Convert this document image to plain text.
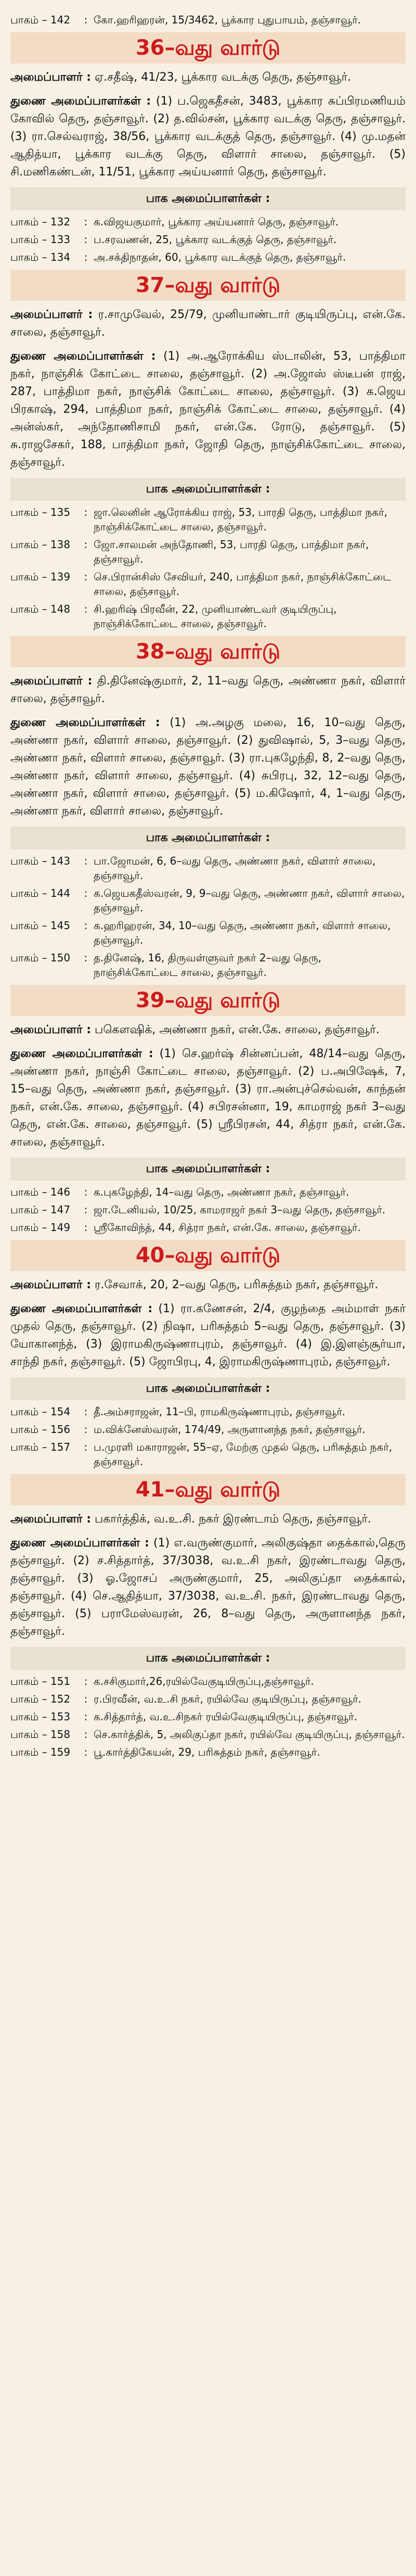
பாகம் – 142	: கோ.ஹரிஹரன், 15/3462, பூக்கார புதுபாயம், தஞ்சாவூர்.
36–வது வார்டு

அமைப்பாளர் : ஏ.சதீஷ், 41/23, பூக்கார வடக்கு தெரு, தஞ்சாவூர்.

துணை அமைப்பாளர்கள் : (1) ப.ஜெகதீசன், 3483, பூக்கார சுப்பிரமணியம் கோவில் தெரு, தஞ்சாவூர். (2) த.வில்சன், பூக்கார வடக்கு தெரு, தஞ்சாவூர். (3) ரா.செல்வராஜ், 38/56, பூக்கார வடக்குத் தெரு, தஞ்சாவூர். (4) மு.மதன் ஆதித்யா, பூக்கார வடக்கு தெரு, விளார் சாலை, தஞ்சாவூர். (5) சி.மணிகண்டன், 11/51, பூக்கார அய்யனார் தெரு, தஞ்சாவூர்.

பாக அமைப்பாளர்கள் :
பாகம் – 132	: க.விஜயகுமார், பூக்கார அய்யனார் தெரு, தஞ்சாவூர்.
பாகம் – 133	: ப.சரவணன், 25, பூக்கார வடக்குத் தெரு, தஞ்சாவூர்.
பாகம் – 134	: அ.சக்திநாதன், 60, பூக்கார வடக்குத் தெரு, தஞ்சாவூர்.
37–வது வார்டு

அமைப்பாளர் : ர.சாமுவேல், 25/79, முனியாண்டார் குடியிருப்பு, என்.கே. சாலை, தஞ்சாவூர்.

துணை அமைப்பாளர்கள் : (1) அ.ஆரோக்கிய ஸ்டாலின், 53, பாத்திமா நகர், நாஞ்சிக் கோட்டை சாலை, தஞ்சாவூர். (2) அ.ஜோஸ் ஸ்டீபன் ராஜ், 287, பாத்திமா நகர், நாஞ்சிக் கோட்டை சாலை, தஞ்சாவூர். (3) க.ஜெய பிரகாஷ், 294, பாத்திமா நகர், நாஞ்சிக் கோட்டை சாலை, தஞ்சாவூர். (4) அன்ஸ்கர், அந்தோணிசாமி நகர், என்.கே. ரோடு, தஞ்சாவூர். (5) சு.ராஜசேகர், 188, பாத்திமா நகர், ஜோதி தெரு, நாஞ்சிக்கோட்டை சாலை, தஞ்சாவூர்.

பாக அமைப்பாளர்கள் :
பாகம் – 135	: ஜா.லெனின் ஆரோக்கிய ராஜ், 53, பாரதி தெரு, பாத்திமா நகர், நாஞ்சிக்கோட்டை சாலை, தஞ்சாவூர்.
பாகம் – 138	: ஜோ.சாலமன் அந்தோணி, 53, பாரதி தெரு, பாத்திமா நகர், தஞ்சாவூர்.
பாகம் – 139	: செ.பிரான்சிஸ் சேவியர், 240, பாத்திமா நகர், நாஞ்சிக்கோட்டை சாலை, தஞ்சாவூர்.
பாகம் – 148	: சி.ஹரிஷ் பிரவீன், 22, முனியாண்டவர் குடியிருப்பு, நாஞ்சிக்கோட்டை சாலை, தஞ்சாவூர்.
38–வது வார்டு

அமைப்பாளர் : தி.தினேஷ்குமார், 2, 11–வது தெரு, அண்ணா நகர், விளார் சாலை, தஞ்சாவூர்.

துணை அமைப்பாளர்கள் : (1) அ.அழகு மலை, 16, 10–வது தெரு, அண்ணா நகர், விளார் சாலை, தஞ்சாவூர். (2) துவிஷால், 5, 3–வது தெரு, அண்ணா நகர், விளார் சாலை, தஞ்சாவூர். (3) ரா.புகழேந்தி, 8, 2–வது தெரு, அண்ணா நகர், விளார் சாலை, தஞ்சாவூர். (4) சுபிரபு, 32, 12–வது தெரு, அண்ணா நகர், விளார் சாலை, தஞ்சாவூர். (5) ம.கிஷோர், 4, 1–வது தெரு, அண்ணா நகர், விளார் சாலை, தஞ்சாவூர்.

பாக அமைப்பாளர்கள் :
பாகம் – 143	: பா.ஜோமன், 6, 6–வது தெரு, அண்ணா நகர், விளார் சாலை, தஞ்சாவூர்.
பாகம் – 144	: க.ஜெயகதீஸ்வரன், 9, 9–வது தெரு, அண்ணா நகர், விளார் சாலை, தஞ்சாவூர்.
பாகம் – 145	: க.ஹரிஹரன், 34, 10–வது தெரு, அண்ணா நகர், விளார் சாலை, தஞ்சாவூர்.
பாகம் – 150	: த.தினேஷ், 16, திருவள்ளுவர் நகர் 2–வது தெரு, நாஞ்சிக்கோட்டை சாலை, தஞ்சாவூர்.
39–வது வார்டு

அமைப்பாளர் : பகௌஷிக், அண்ணா நகர், என்.கே. சாலை, தஞ்சாவூர்.

துணை அமைப்பாளர்கள் : (1) செ.ஹர்ஷ் சின்னப்பன், 48/14–வது தெரு, அண்ணா நகர், நாஞ்சி கோட்டை சாலை, தஞ்சாவூர். (2) ப.அபிஷேக், 7, 15–வது தெரு, அண்ணா நகர், தஞ்சாவூர். (3) ரா.அன்புச்செல்வன், காந்தன் நகர், என்.கே. சாலை, தஞ்சாவூர். (4) சபிரசன்னா, 19, காமராஜ் நகர் 3–வது தெரு, என்.கே. சாலை, தஞ்சாவூர். (5) ஸ்ரீபிரசன், 44, சித்ரா நகர், என்.கே. சாலை, தஞ்சாவூர்.

பாக அமைப்பாளர்கள் :
பாகம் – 146	: க.புகழேந்தி, 14–வது தெரு, அண்ணா நகர், தஞ்சாவூர்.
பாகம் – 147	: ஜா.டேனியல், 10/25, காமராஜர் நகர் 3–வது தெரு, தஞ்சாவூர்.
பாகம் – 149	: ஸ்ரீகோவிந்த், 44, சித்ரா நகர், என்.கே. சாலை, தஞ்சாவூர்.
40–வது வார்டு

அமைப்பாளர் : ர.சேவாக், 20, 2–வது தெரு, பரிசுத்தம் நகர், தஞ்சாவூர்.

துணை அமைப்பாளர்கள் : (1) ரா.கணேசன், 2/4, குழந்தை அம்மாள் நகர் முதல் தெரு, தஞ்சாவூர். (2) நிஷா, பரிசுத்தம் 5–வது தெரு, தஞ்சாவூர். (3) யோகானந்த், (3) இராமகிருஷ்ணாபுரம், தஞ்சாவூர். (4) இ.இளஞ்சூர்யா, சாந்தி நகர், தஞ்சாவூர். (5) ஜோபிரபு, 4, இராமகிருஷ்ணாபுரம், தஞ்சாவூர்.

பாக அமைப்பாளர்கள் :
பாகம் – 154	: தீ.அம்சராஜன், 11–பி, ராமகிருஷ்ணாபுரம், தஞ்சாவூர்.
பாகம் – 156	: ம.விக்னேஸ்வரன், 174/49, அருளானந்த நகர், தஞ்சாவூர்.
பாகம் – 157	: ப.முரளி மகாராஜன், 55–ஏ, மேற்கு முதல் தெரு, பரிசுத்தம் நகர், தஞ்சாவூர்.
41–வது வார்டு

அமைப்பாளர் : பகார்த்திக், வ.உ.சி. நகர் இரண்டாம் தெரு, தஞ்சாவூர்.

துணை அமைப்பாளர்கள் : (1) எ.வருண்குமார், அலிகுஷ்தா தைக்கால்,தெரு தஞ்சாவூர். (2) ச.சித்தார்த், 37/3038, வ.உ.சி நகர், இரண்டாவது தெரு, தஞ்சாவூர். (3) ஓ.ஜோசப் அருண்குமார், 25, அலிகுப்தா தைக்கால், தஞ்சாவூர். (4) செ.ஆதித்யா, 37/3038, வ.உ.சி. நகர், இரண்டாவது தெரு, தஞ்சாவூர். (5) பராமேஸ்வரன், 26, 8–வது தெரு, அருளானந்த நகர், தஞ்சாவூர்.

பாக அமைப்பாளர்கள் :
பாகம் – 151	: க.சசிகுமார்,26,ரயில்வேகுடியிருப்பு,தஞ்சாவூர்.
பாகம் – 152	: ர.பிரவீன், வ.உ.சி நகர், ரயில்வே குடியிருப்பு, தஞ்சாவூர்.
பாகம் – 153	: க.சித்தார்த், வ.உ.சிநகர் ரயில்வேகுடியிருப்பு, தஞ்சாவூர்.
பாகம் – 158	: செ.கார்த்திக், 5, அலிகுப்தா நகர், ரயில்வே குடியிருப்பு, தஞ்சாவூர்.
பாகம் – 159	: பூ.கார்த்திகேயன், 29, பரிசுத்தம் நகர், தஞ்சாவூர்.
